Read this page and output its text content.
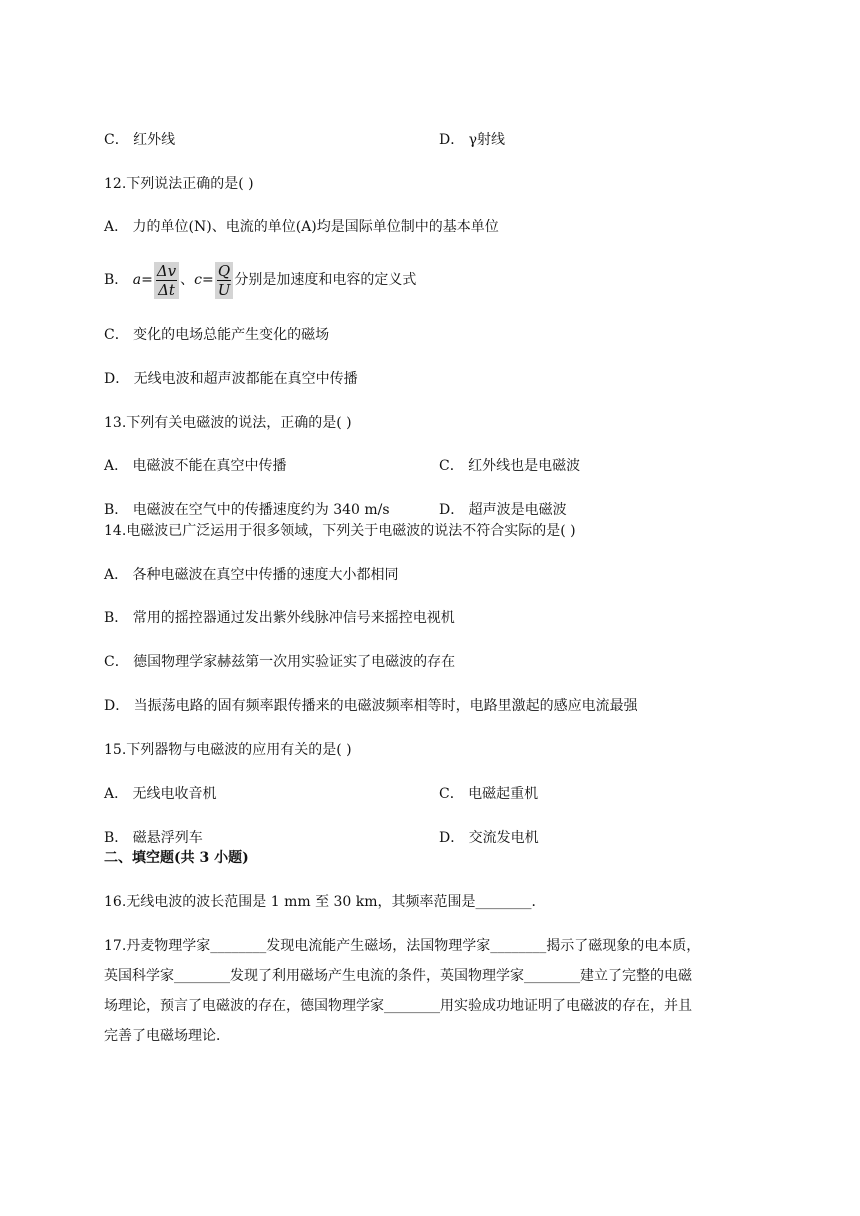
C． 红外线	D． γ射线
12.下列说法正确的是( )
A． 力的单位(N)、电流的单位(A)均是国际单位制中的基本单位
B． $a= \frac{\Delta v}{\Delta t}$ 、$c= \frac{Q}{U}$ 分别是加速度和电容的定义式
C． 变化的电场总能产生变化的磁场
D． 无线电波和超声波都能在真空中传播
13.下列有关电磁波的说法，正确的是( )
A． 电磁波不能在真空中传播	C． 红外线也是电磁波
B． 电磁波在空气中的传播速度约为 340 m/s	D． 超声波是电磁波
14.电磁波已广泛运用于很多领域，下列关于电磁波的说法不符合实际的是( )
A． 各种电磁波在真空中传播的速度大小都相同
B． 常用的摇控器通过发出紫外线脉冲信号来摇控电视机
C． 德国物理学家赫兹第一次用实验证实了电磁波的存在
D． 当振荡电路的固有频率跟传播来的电磁波频率相等时，电路里激起的感应电流最强
15.下列器物与电磁波的应用有关的是( )
A． 无线电收音机	C． 电磁起重机
B． 磁悬浮列车	D． 交流发电机
二、填空题(共 3 小题)
16.无线电波的波长范围是 1 mm 至 30 km，其频率范围是________．
17.丹麦物理学家________发现电流能产生磁场，法国物理学家________揭示了磁现象的电本质，
英国科学家________发现了利用磁场产生电流的条件，英国物理学家________建立了完整的电磁
场理论，预言了电磁波的存在，德国物理学家________用实验成功地证明了电磁波的存在，并且
完善了电磁场理论．
